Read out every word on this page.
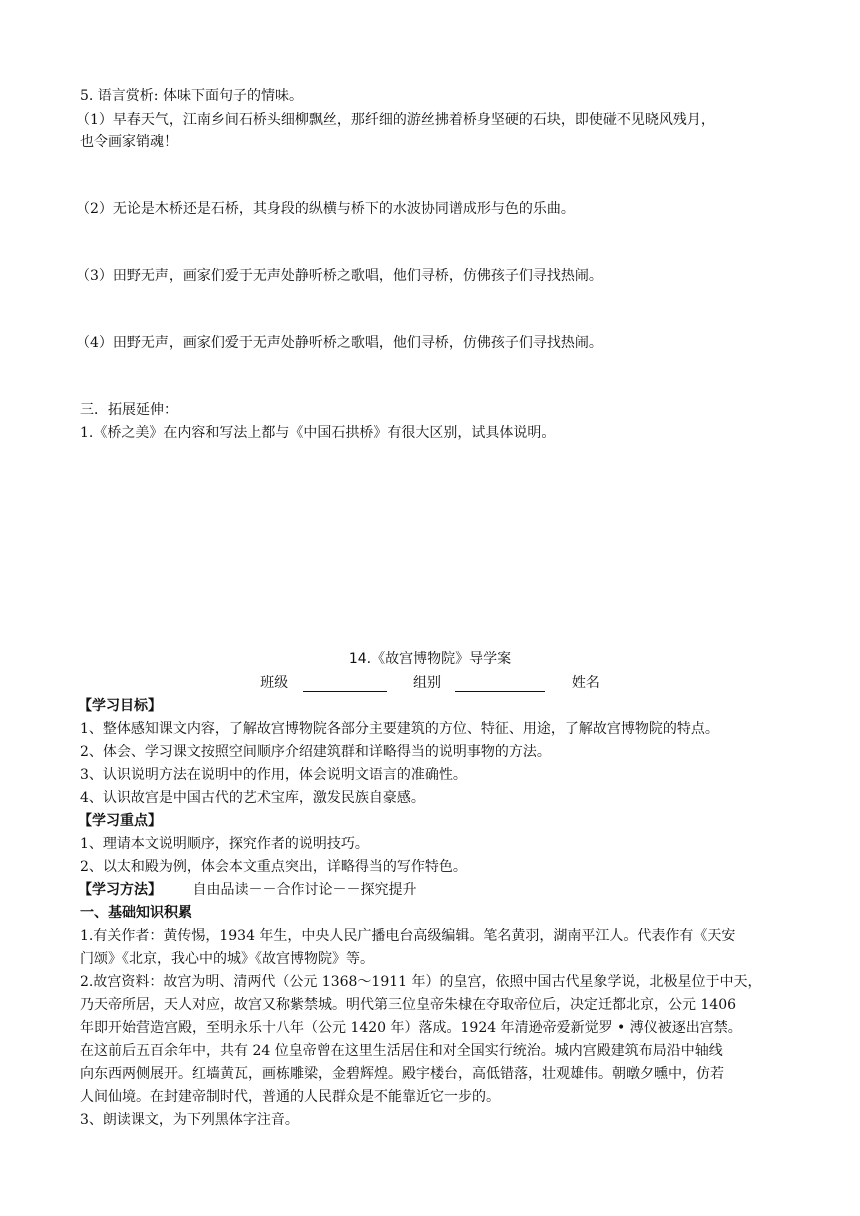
5. 语言赏析: 体味下面句子的情味。
（1）早春天气，江南乡间石桥头细柳飘丝，那纤细的游丝拂着桥身坚硬的石块，即使碰不见晓风残月，
也令画家销魂！
（2）无论是木桥还是石桥，其身段的纵横与桥下的水波协同谱成形与色的乐曲。
（3）田野无声，画家们爱于无声处静听桥之歌唱，他们寻桥，仿佛孩子们寻找热闹。
（4）田野无声，画家们爱于无声处静听桥之歌唱，他们寻桥，仿佛孩子们寻找热闹。
三．拓展延伸：
1.《桥之美》在内容和写法上都与《中国石拱桥》有很大区别，试具体说明。
14.《故宫博物院》导学案
班级	组别	姓名
【学习目标】
1、整体感知课文内容，了解故宫博物院各部分主要建筑的方位、特征、用途，了解故宫博物院的特点。
2、体会、学习课文按照空间顺序介绍建筑群和详略得当的说明事物的方法。
3、认识说明方法在说明中的作用，体会说明文语言的准确性。
4、认识故宫是中国古代的艺术宝库，激发民族自豪感。
【学习重点】
1、理请本文说明顺序，探究作者的说明技巧。
2、以太和殿为例，体会本文重点突出，详略得当的写作特色。
【学习方法】 自由品读－－合作讨论－－探究提升
一、基础知识积累
1.有关作者：黄传惕，1934 年生，中央人民广播电台高级编辑。笔名黄羽，湖南平江人。代表作有《天安
门颂》《北京，我心中的城》《故宫博物院》等。
2.故宫资料：故宫为明、清两代（公元 1368～1911 年）的皇宫，依照中国古代星象学说，北极星位于中天，
乃天帝所居，天人对应，故宫又称紫禁城。明代第三位皇帝朱棣在夺取帝位后，决定迁都北京，公元 1406
年即开始营造宫殿，至明永乐十八年（公元 1420 年）落成。1924 年清逊帝爱新觉罗 • 溥仪被逐出宫禁。
在这前后五百余年中，共有 24 位皇帝曾在这里生活居住和对全国实行统治。城内宫殿建筑布局沿中轴线
向东西两侧展开。红墙黄瓦，画栋雕梁，金碧辉煌。殿宇楼台，高低错落，壮观雄伟。朝暾夕曛中，仿若
人间仙境。在封建帝制时代，普通的人民群众是不能靠近它一步的。
3、朗读课文，为下列黑体字注音。
